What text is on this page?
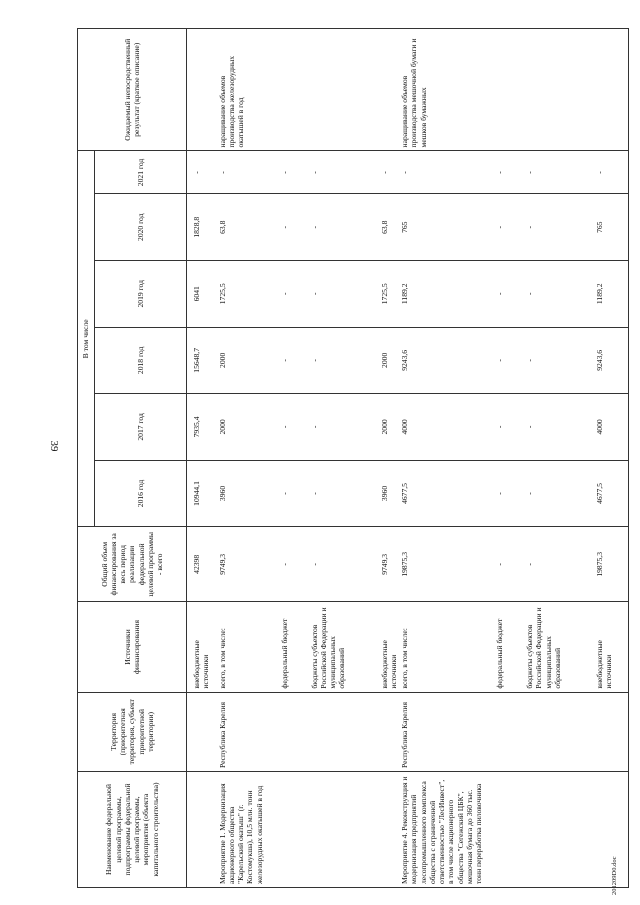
39
Наименование федеральной целевой программы, подпрограммы федеральной целевой программы, мероприятия (объекта капитального строительства)	Территория (приоритетная территория, субъект приоритетной территории)	Источники финансирования	Общий объем финансирования за весь период реализации федеральной целевой программы - всего	В том числе						Ожидаемый непосредственный результат (краткое описание)
				2016 год	2017 год	2018 год	2019 год	2020 год	2021 год	
		внебюджетные источники	42398	10944,1	7935,4	15648,7	6041	1828,8	-	
Мероприятие 1. Модернизация акционерного общества "Карельский окатыш" (г. Костомукша), 10,5 млн. тонн железорудных окатышей в год	Республика Карелия	всего, в том числе:	9749,3	3960	2000	2000	1725,5	63,8	-	наращивание объемов производства железорудных окатышей в год
		федеральный бюджет	-	-	-	-	-	-	-	
		бюджеты субъектов Российской Федерации и муниципальных образований	-	-	-	-	-	-	-	
		внебюджетные источники	9749,3	3960	2000	2000	1725,5	63,8	-	
Мероприятие 4. Реконструкция и модернизация предприятий лесопромышленного комплекса общества с ограниченной ответственностью "ЛесИнвест", в том числе акционерного общества "Сегежский ЦБК", мешочная бумага до 360 тыс. тонн переработка пиловочника	Республика Карелия	всего, в том числе:	19875,3	4677,5	4000	9243,6	1189,2	765	-	наращивание объемов производства мешочной бумаги и мешков бумажных
		федеральный бюджет	-	-	-	-	-	-	-	
		бюджеты субъектов Российской Федерации и муниципальных образований	-	-	-	-	-	-	-	
		внебюджетные источники	19875,3	4677,5	4000	9243,6	1189,2	765	-	
201209D0.doc
